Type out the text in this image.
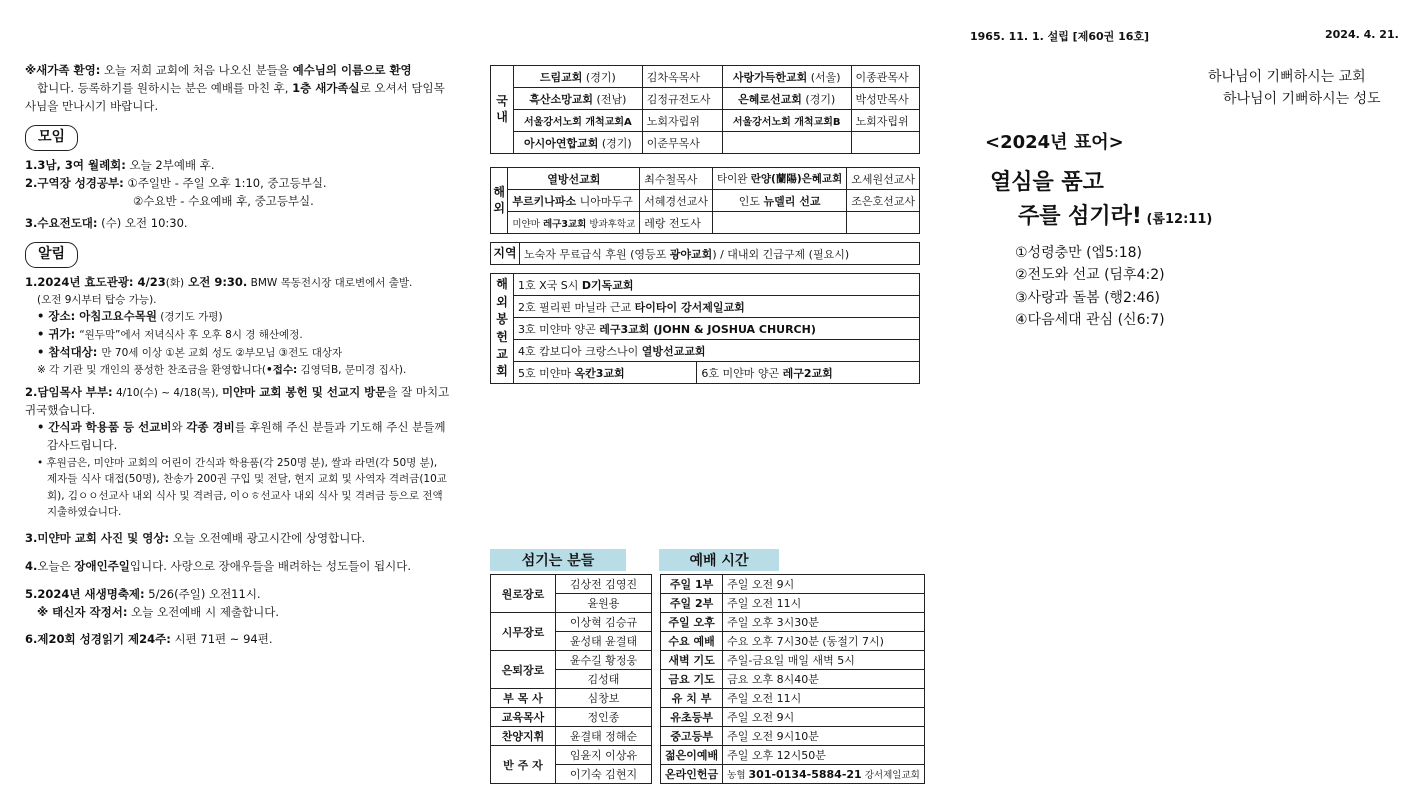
1965. 11. 1. 설립 [제60권 16호]	2024. 4. 21.
※새가족 환영: 오늘 저희 교회에 처음 나오신 분들을 예수님의 이름으로 환영
합니다. 등록하기를 원하시는 분은 예배를 마친 후, 1층 새가족실로 오셔서 담임목사님을 만나시기 바랍니다.
모임
1.3남, 3여 월례회: 오늘 2부예배 후.
2.구역장 성경공부: ①주일반 - 주일 오후 1:10, 중고등부실.
②수요반 - 수요예배 후, 중고등부실.
3.수요전도대: (수) 오전 10:30.
알림
1.2024년 효도관광: 4/23(화) 오전 9:30. BMW 목동전시장 대로변에서 출발.
(오전 9시부터 탑승 가능).
• 장소: 아침고요수목원 (경기도 가평)
• 귀가: “원두막”에서 저녁식사 후 오후 8시 경 해산예정.
• 참석대상: 만 70세 이상 ①본 교회 성도 ②부모님 ③전도 대상자
※ 각 기관 및 개인의 풍성한 찬조금을 환영합니다(•접수: 김영덕B, 문미경 집사).
2.담임목사 부부: 4/10(수) ~ 4/18(목), 미얀마 교회 봉헌 및 선교지 방문을 잘 마치고 귀국했습니다.
• 간식과 학용품 등 선교비와 각종 경비를 후원해 주신 분들과 기도해 주신 분들께 감사드립니다.
• 후원금은, 미얀마 교회의 어린이 간식과 학용품(각 250명 분), 쌀과 라면(각 50명 분), 제자들 식사 대접(50명), 찬송가 200권 구입 및 전달, 현지 교회 및 사역자 격려금(10교회), 김ㅇㅇ선교사 내외 식사 및 격려금, 이ㅇㅎ선교사 내외 식사 및 격려금 등으로 전액 지출하였습니다.
3.미얀마 교회 사진 및 영상: 오늘 오전예배 광고시간에 상영합니다.
4.오늘은 장애인주일입니다. 사랑으로 장애우들을 배려하는 성도들이 됩시다.
5.2024년 새생명축제: 5/26(주일) 오전11시.
※ 태신자 작정서: 오늘 오전예배 시 제출합니다.
6.제20회 성경읽기 제24주: 시편 71편 ~ 94편.
국 내	드림교회 (경기)	김차옥목사	사랑가득한교회 (서울)	이종관목사
	흑산소망교회 (전남)	김정규전도사	은혜로선교회 (경기)	박성만목사
	서울강서노회 개척교회A	노회자립위	서울강서노회 개척교회B	노회자립위
	아시아연합교회 (경기)	이준무목사		
해 외	열방선교회	최수철목사	타이완 란양(蘭陽)은혜교회	오세원선교사
	부르키나파소 니아마두구	서혜경선교사	인도 뉴델리 선교	조은호선교사
	미얀마 레구3교회 방과후학교	레랑 전도사		
지역	노숙자 무료급식 후원 (영등포 광야교회) / 대내외 긴급구제 (필요시)
해 외 봉 헌 교 회	1호 X국 S시 D기독교회	
	2호 필리핀 마닐라 근교 타이타이 강서제일교회	
	3호 미얀마 양곤 레구3교회 (JOHN & JOSHUA CHURCH)	
	4호 캄보디아 크랑스나이 열방선교교회	
	5호 미얀마 옥칸3교회	6호 미얀마 양곤 레구2교회
섬기는 분들
원로장로	김상전 김영진
	윤원용
시무장로	이상혁 김승규
	윤성태 윤결태
은퇴장로	윤수길 황정웅
	김성태
부 목 사	심창보
교육목사	정인종
찬양지휘	윤결태 정해순
반 주 자	임윤지 이상유
	이기숙 김현지
예배 시간
주일 1부	주일 오전 9시
주일 2부	주일 오전 11시
주일 오후	주일 오후 3시30분
수요 예배	수요 오후 7시30분 (동절기 7시)
새벽 기도	주일-금요일 매일 새벽 5시
금요 기도	금요 오후 8시40분
유 치 부	주일 오전 11시
유초등부	주일 오전 9시
중고등부	주일 오전 9시10분
젊은이예배	주일 오후 12시50분
온라인헌금	농협 301-0134-5884-21 강서제일교회
하나님이 기뻐하시는 교회
하나님이 기뻐하시는 성도
<2024년 표어>
열심을 품고
주를 섬기라! (롬12:11)
①성령충만 (엡5:18)
②전도와 선교 (딤후4:2)
③사랑과 돌봄 (행2:46)
④다음세대 관심 (신6:7)
